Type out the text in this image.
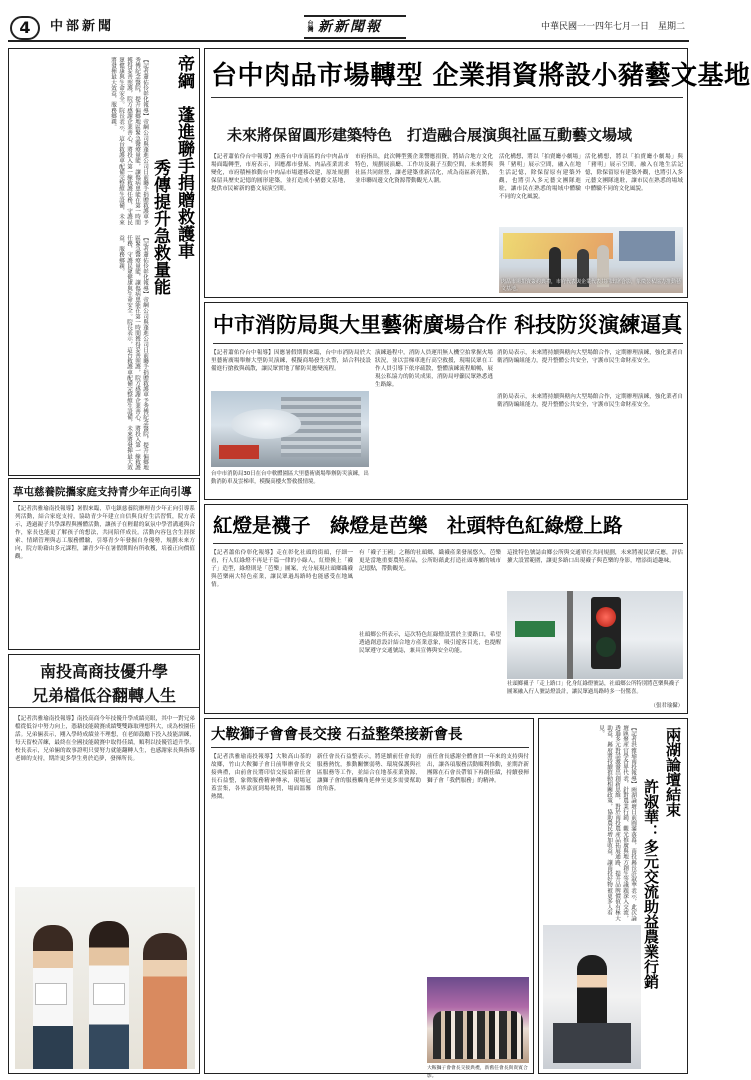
4	中部新聞	台灣 新新聞報	中華民國一一四年七月一日　星期二
台中肉品市場轉型 企業捐資將設小豬藝文基地
未來將保留圓形建築特色　打造融合展演與社區互動藝文場域
【記者蕭佑伶台中報導】座落台中市南區的台中肉品市場面臨轉型，市府表示，因應都市發展、肉品產業需求變化，市府積極推動台中肉品市場遷移改建，原址規劃保留具歷史記憶的圓形建築，並打造成小豬藝文基地，提供市民嶄新的藝文展演空間。
市府指出，此次轉型獲企業響應捐資，將結合地方文化特色，規劃展演廳、工作坊及親子互動空間，未來將與社區共同經營，讓老建築重新活化，成為南區新亮點，並串聯周邊文化資源帶動觀光人潮。
活化構想，將以「拍賣廳小劇場」與「豬明」展示空間，融入在地生活記憶，除保留原有建築外觀，也將引入多元藝文團隊進駐，讓市民在熟悉的場域中體驗不同的文化風貌。
活化構想，將以「拍賣廳小劇場」與「豬明」展示空間，融入在地生活記憶，除保留原有建築外觀，也將引入多元藝文團隊進駐，讓市民在熟悉的場域中體驗不同的文化風貌。
肉品市場捐資簽約典禮，市府代表與企業代表共同出席合影，象徵公私協力推動藝文基地。
中市消防局與大里藝術廣場合作 科技防災演練逼真
【記者蕭佑伶台中報導】因應暑假期間來臨，台中市消防局於大里藝術廣場舉辦大型防災演練，模擬商場發生火警，結合科技設備進行搶救與疏散，讓民眾實地了解防災應變流程。
演練過程中，消防人員運用無人機空拍掌握火場狀況，並以雲梯車進行高空救援，現場民眾在工作人員引導下依序疏散，整體演練流程順暢，展現公私協力的防災成果，消防局呼籲民眾熟悉逃生路線。
消防局表示，未來將持續與轄內大型場館合作，定期辦理演練，強化業者自衛消防編組能力，提升整體公共安全，守護市民生命財產安全。
台中市消防局30日在台中軟體園區大里藝術廣場舉辦防災演練，出動消防車及雲梯車，模擬高樓火警救援情境。
消防局表示，未來將持續與轄內大型場館合作，定期辦理演練，強化業者自衛消防編組能力，提升整體公共安全，守護市民生命財產安全。
帝綱　蓬進聯手捐贈救護車
秀傳提升急救量能
【記者蕭佑伶彰化報導】帝綱公司與蓬進公司日前聯手捐贈救護車予秀傳紀念醫院，提升偏鄉地區緊急醫療量能，讓傷病患能在第一時間獲得妥善照護，院方感謝企業善心，將投入第一線救護任務，守護民眾健康與生命安全。院長表示，這台救護車配備完整維生設備，未來將發揮最大效益，服務鄉親。
【記者蕭佑伶彰化報導】帝綱公司與蓬進公司日前聯手捐贈救護車予秀傳紀念醫院，提升偏鄉地區緊急醫療量能，讓傷病患能在第一時間獲得妥善照護，院方感謝企業善心，將投入第一線救護任務，守護民眾健康與生命安全。院長表示，這台救護車配備完整維生設備，未來將發揮最大效益，服務鄉親。
草屯慈養院攜家庭支持青少年正向引導
【記者洪雅瑜南投報導】暑假來臨，草屯鎮慈養院辦理青少年正向引導系列活動，結合家庭支持，協助青少年建立自信與良好生活習慣，院方表示，透過親子共學課程與團體活動，讓孩子在輕鬆的氣氛中學習溝通與合作，家長也能更了解孩子的想法，共同陪伴成長。活動內容包含生涯探索、情緒管理與志工服務體驗，引導青少年發掘自身優勢，規劃未來方向，院方盼藉由多元課程，讓青少年在暑假期間有所收穫，培養正向價值觀。
紅燈是襪子　綠燈是芭樂　社頭特色紅綠燈上路
【記者蕭佑伶彰化報導】走在彰化社頭的街頭，仔細一看，行人紅綠燈不再是千篇一律的小綠人，紅燈換上「襪子」造型，綠燈則是「芭樂」圖案，充分展現社頭鄉織襪與芭樂兩大特色產業，讓民眾過馬路時也能感受在地風情。
有「襪子王國」之稱的社頭鄉，織襪產業發展悠久，芭樂更是當地重要農特產品，公所盼藉此打造社頭專屬的城市記憶點，帶動觀光。
社頭鄉公所表示，這次特色紅綠燈設置於主要路口，希望透過創意設計結合地方產業意象，吸引遊客目光，也提醒民眾遵守交通號誌，兼具宣傳與安全功能。
這批特色號誌由鄉公所與交通單位共同規劃，未來將視民眾反應，評估擴大設置範圍，讓更多路口出現襪子與芭樂的身影，增添街道趣味。
社頭鄉襪子「走上路口」化身紅綠燈號誌，社頭鄉公所特別將芭樂與襪子圖案融入行人號誌燈設計，讓民眾過馬路時多一份驚喜。
（張君瑜攝）
南投高商技優升學
兄弟檔低谷翻轉人生
【記者洪雅瑜南投報導】南投高商今年技優升學成績亮眼，其中一對兄弟檔從低谷中努力向上，憑藉技能競賽成績雙雙錄取理想科大，成為校園佳話。兄弟倆表示，剛入學時成績並不理想，在老師鼓勵下投入技能訓練，每天留校苦練，最終在全國技能競賽中取得佳績，順利以技優管道升學。校長表示，兄弟倆的故事證明只要努力就能翻轉人生，也感謝家長與指導老師的支持，期許更多學生勇於追夢，發揮所長。
大鞍獅子會會長交接 石益整榮接新會長
【記者洪雅瑜南投報導】大鞍高山茶的故鄉，竹山大鞍獅子會日前舉辦會長交接典禮，由前會長將印信交接給新任會長石益整，象徵服務精神傳承，現場冠蓋雲集，各界嘉賓到場祝賀，場面溫馨熱鬧。
新任會長石益整表示，將延續前任會長的服務熱忱，推動關懷弱勢、環境保護與社區服務等工作，並結合在地茶產業資源，讓獅子會的服務觸角延伸至更多需要幫助的角落。
前任會長感謝全體會員一年來的支持與付出，讓各項服務活動順利推動，並期許新團隊在石會長帶領下再創佳績，持續發揮獅子會「我們服務」的精神。
大鞍獅子會會長交接典禮，新舊任會長與貴賓合影。
兩湖論壇結束
許淑華：多元交流助益農業行銷
【記者洪雅瑜南投報導】兩湖論壇日前圓滿落幕，南投縣長許淑華表示，此次論壇匯聚產官學各界代表，針對農業行銷、觀光推廣與地方創生等議題深入交流，透過多元對話激盪出創新思維，對於南投農產品拓展通路、提升品牌價值有極大助益，縣府將持續推動相關政策，協助農民增加收益，讓南投好物被更多人看見。
